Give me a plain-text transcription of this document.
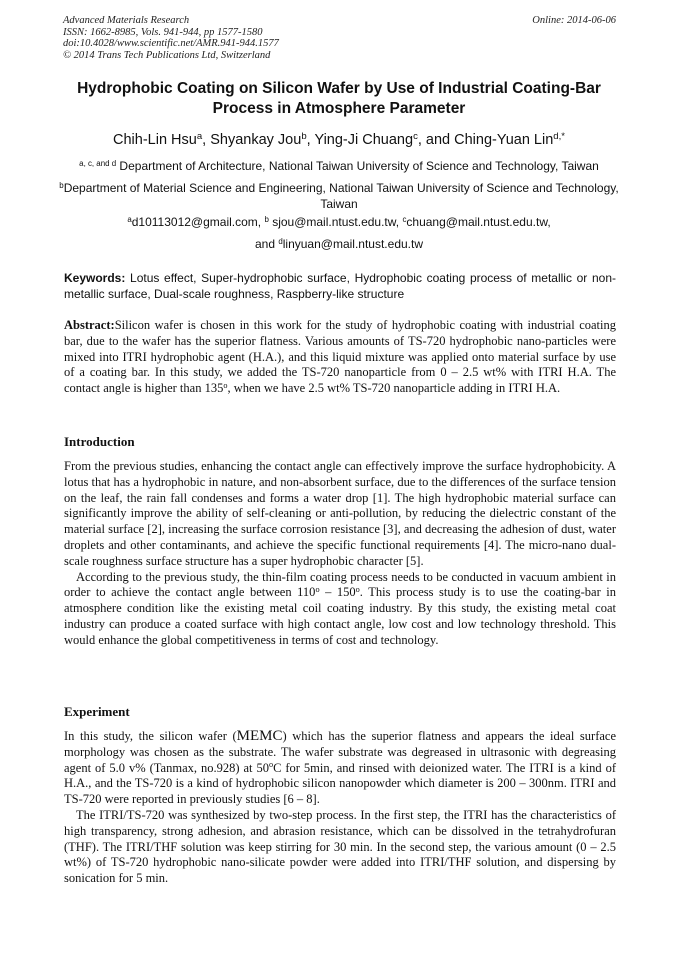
Advanced Materials Research
ISSN: 1662-8985, Vols. 941-944, pp 1577-1580
doi:10.4028/www.scientific.net/AMR.941-944.1577
© 2014 Trans Tech Publications Ltd, Switzerland
Online: 2014-06-06
Hydrophobic Coating on Silicon Wafer by Use of Industrial Coating-Bar
Process in Atmosphere Parameter
Chih-Lin Hsu$^a$, Shyankay Jou$^b$, Ying-Ji Chuang$^c$, and Ching-Yuan Lin$^{d,*}$
$^{a, c, and d}$ Department of Architecture, National Taiwan University of Science and Technology, Taiwan
$^b$Department of Material Science and Engineering, National Taiwan University of Science and Technology, Taiwan
$^a$d10113012@gmail.com, $^b$ sjou@mail.ntust.edu.tw, $^c$chuang@mail.ntust.edu.tw,
and $^d$linyuan@mail.ntust.edu.tw
Keywords: Lotus effect, Super-hydrophobic surface, Hydrophobic coating process of metallic or non-metallic surface, Dual-scale roughness, Raspberry-like structure
Abstract:Silicon wafer is chosen in this work for the study of hydrophobic coating with industrial coating bar, due to the wafer has the superior flatness. Various amounts of TS-720 hydrophobic nano-particles were mixed into ITRI hydrophobic agent (H.A.), and this liquid mixture was applied onto material surface by use of a coating bar. In this study, we added the TS-720 nanoparticle from 0 – 2.5 wt% with ITRI H.A. The contact angle is higher than 135$^o$, when we have 2.5 wt% TS-720 nanoparticle adding in ITRI H.A.
Introduction

From the previous studies, enhancing the contact angle can effectively improve the surface hydrophobicity. A lotus that has a hydrophobic in nature, and non-absorbent surface, due to the differences of the surface tension on the leaf, the rain fall condenses and forms a water drop [1]. The high hydrophobic material surface can significantly improve the ability of self-cleaning or anti-pollution, by reducing the dielectric constant of the material surface [2], increasing the surface corrosion resistance [3], and decreasing the adhesion of dust, water droplets and other contaminants, and achieve the specific functional requirements [4]. The micro-nano dual-scale roughness surface structure has a super hydrophobic character [5].

According to the previous study, the thin-film coating process needs to be conducted in vacuum ambient in order to achieve the contact angle between 110$^o$ – 150$^o$. This process study is to use the coating-bar in atmosphere condition like the existing metal coil coating industry. By this study, the existing metal coat industry can produce a coated surface with high contact angle, low cost and low technology threshold. This would enhance the global competitiveness in terms of cost and technology.

Experiment

In this study, the silicon wafer (MEMC) which has the superior flatness and appears the ideal surface morphology was chosen as the substrate. The wafer substrate was degreased in ultrasonic with degreasing agent of 5.0 v% (Tanmax, no.928) at 50$^o$C for 5min, and rinsed with deionized water. The ITRI is a kind of H.A., and the TS-720 is a kind of hydrophobic silicon nanopowder which diameter is 200 – 300nm. ITRI and TS-720 were reported in previously studies [6 – 8].

The ITRI/TS-720 was synthesized by two-step process. In the first step, the ITRI has the characteristics of high transparency, strong adhesion, and abrasion resistance, which can be dissolved in the tetrahydrofuran (THF). The ITRI/THF solution was keep stirring for 30 min. In the second step, the various amount (0 – 2.5 wt%) of TS-720 hydrophobic nano-silicate powder were added into ITRI/THF solution, and dispersing by sonication for 5 min.
